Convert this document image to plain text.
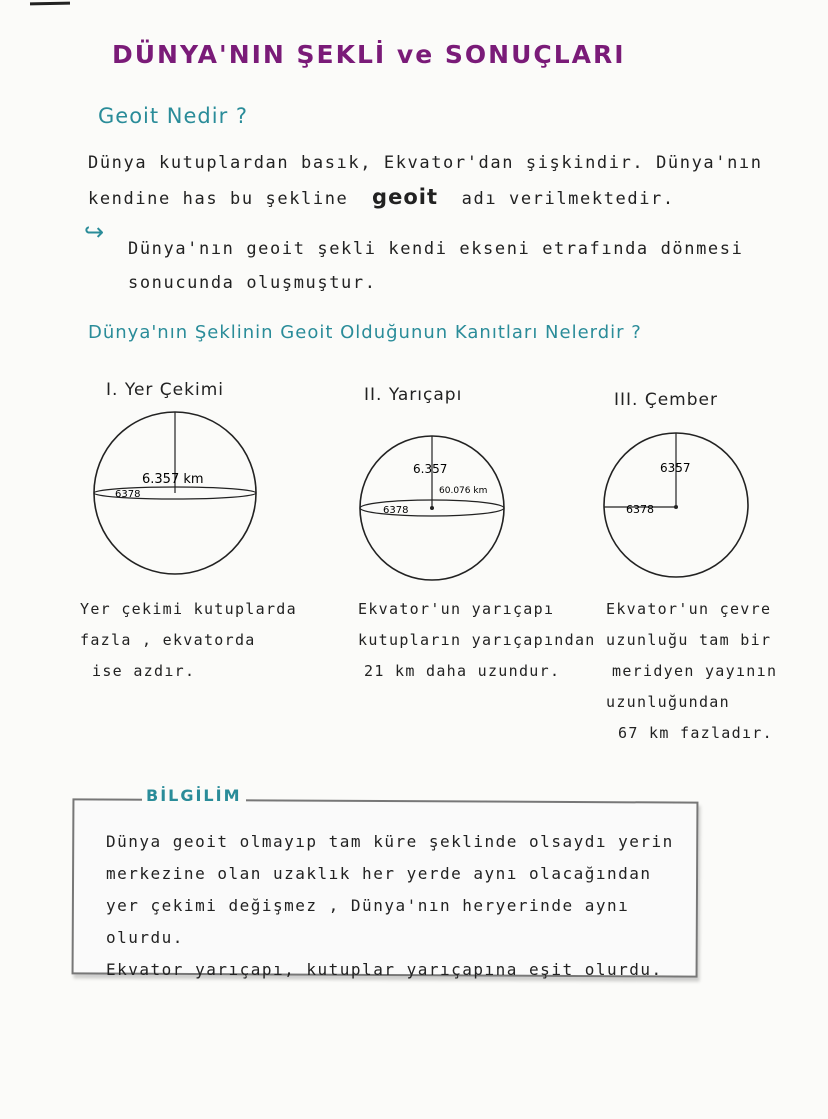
DÜNYA'NIN ŞEKLİ ve SONUÇLARI
Geoit Nedir ?
Dünya kutuplardan basık, Ekvator'dan şişkindir. Dünya'nın
kendine has bu şekline geoit adı verilmektedir.
↪
Dünya'nın geoit şekli kendi ekseni etrafında dönmesi
sonucunda oluşmuştur.
Dünya'nın Şeklinin Geoit Olduğunun Kanıtları Nelerdir ?
I. Yer Çekimi
6.357 km
6378
Yer çekimi kutuplarda
fazla , ekvatorda
ise azdır.
II. Yarıçapı
6.357
60.076 km
6378
Ekvator'un yarıçapı
kutupların yarıçapından
21 km daha uzundur.
III. Çember
6357
6378
Ekvator'un çevre
uzunluğu tam bir
meridyen yayının
uzunluğundan
67 km fazladır.
BİLGİLİM
Dünya geoit olmayıp tam küre şeklinde olsaydı yerin
merkezine olan uzaklık her yerde aynı olacağından
yer çekimi değişmez , Dünya'nın heryerinde aynı olurdu.
Ekvator yarıçapı, kutuplar yarıçapına eşit olurdu.
